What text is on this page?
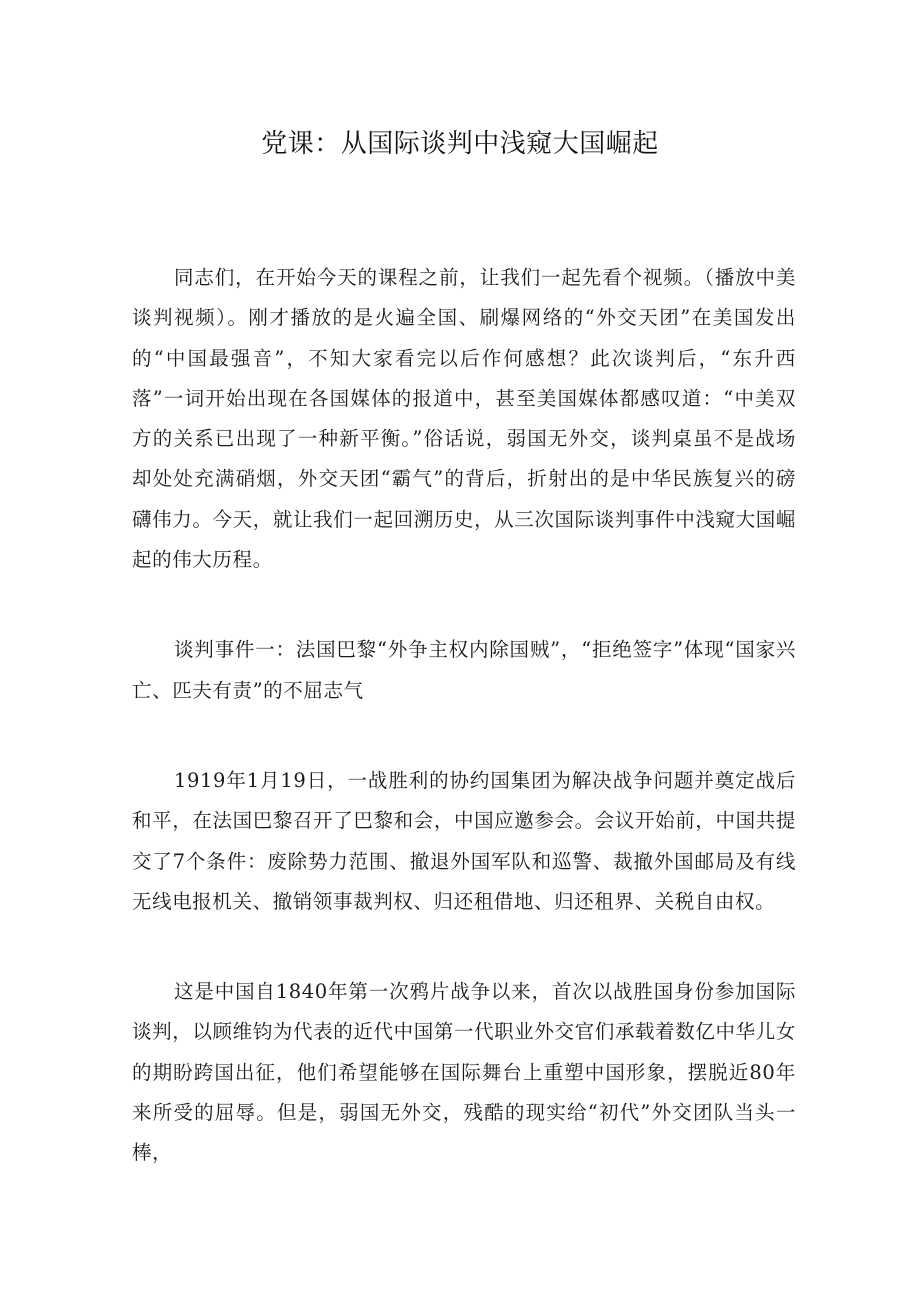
党课：从国际谈判中浅窥大国崛起

同志们，在开始今天的课程之前，让我们一起先看个视频。（播放中美谈判视频）。刚才播放的是火遍全国、刷爆网络的“外交天团”在美国发出的“中国最强音”，不知大家看完以后作何感想？此次谈判后，“东升西落”一词开始出现在各国媒体的报道中，甚至美国媒体都感叹道：“中美双方的关系已出现了一种新平衡。”俗话说，弱国无外交，谈判桌虽不是战场却处处充满硝烟，外交天团“霸气”的背后，折射出的是中华民族复兴的磅礴伟力。今天，就让我们一起回溯历史，从三次国际谈判事件中浅窥大国崛起的伟大历程。

谈判事件一：法国巴黎“外争主权内除国贼”，“拒绝签字”体现“国家兴亡、匹夫有责”的不屈志气

1919年1月19日，一战胜利的协约国集团为解决战争问题并奠定战后和平，在法国巴黎召开了巴黎和会，中国应邀参会。会议开始前，中国共提交了7个条件：废除势力范围、撤退外国军队和巡警、裁撤外国邮局及有线无线电报机关、撤销领事裁判权、归还租借地、归还租界、关税自由权。

这是中国自1840年第一次鸦片战争以来，首次以战胜国身份参加国际谈判，以顾维钧为代表的近代中国第一代职业外交官们承载着数亿中华儿女的期盼跨国出征，他们希望能够在国际舞台上重塑中国形象，摆脱近80年来所受的屈辱。但是，弱国无外交，残酷的现实给“初代”外交团队当头一棒，
